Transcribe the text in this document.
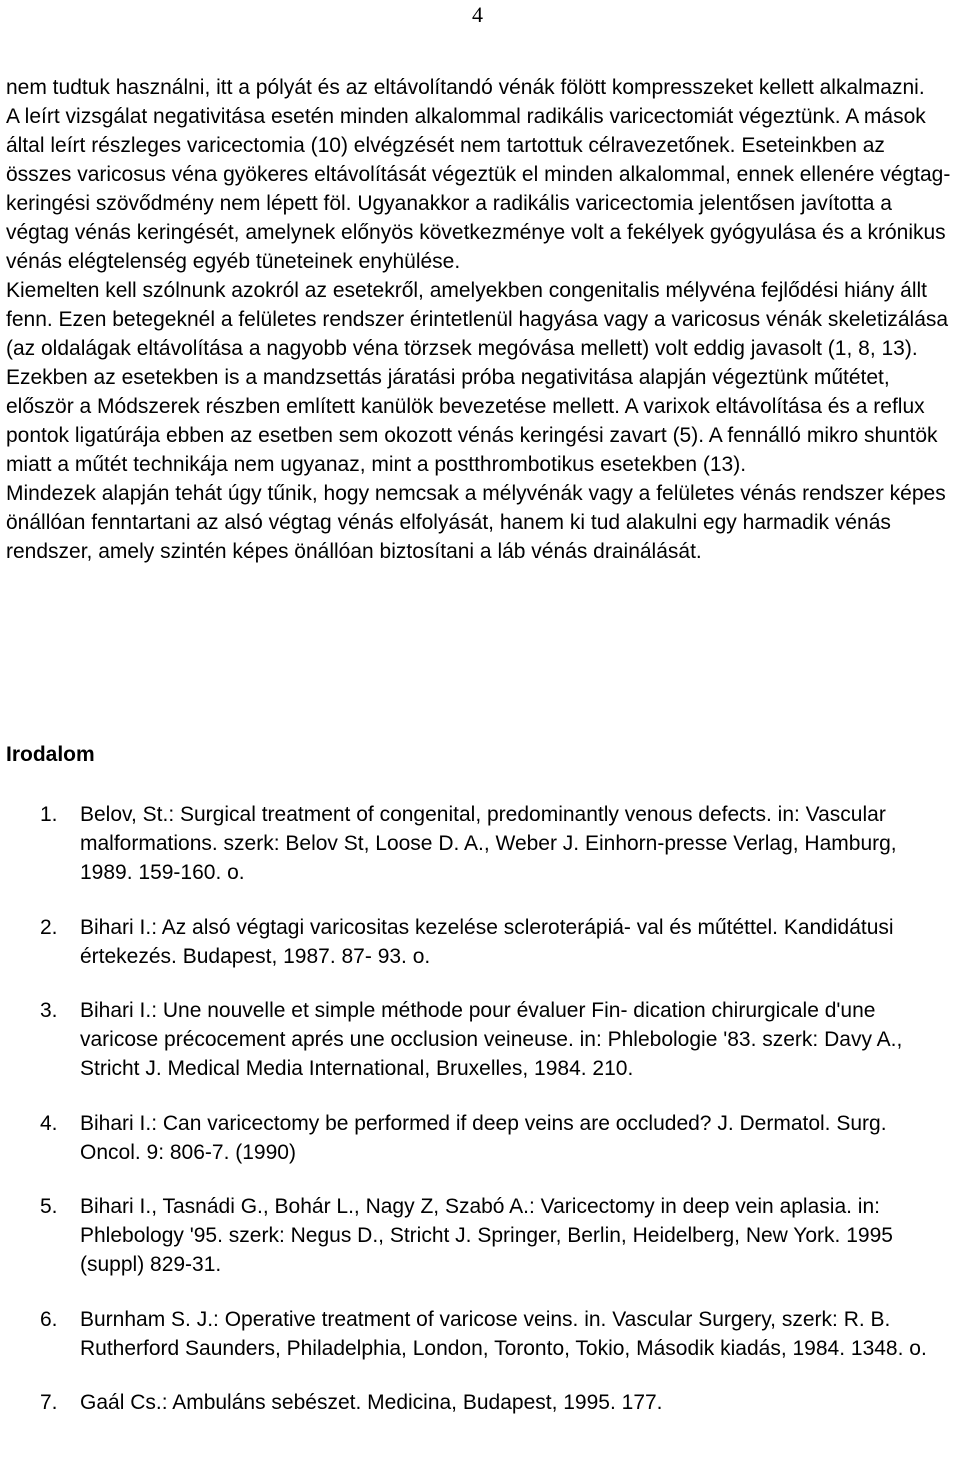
4

nem tudtuk használni, itt a pólyát és az eltávolítandó vénák fölött kompresszeket kellett alkalmazni.

A leírt vizsgálat negativitása esetén minden alkalommal radikális varicectomiát végeztünk. A mások által leírt részleges varicectomia (10) elvégzését nem tartottuk célravezetőnek. Eseteinkben az összes varicosus véna gyökeres eltávolítását végeztük el minden alkalommal, ennek ellenére végtag-keringési szövődmény nem lépett föl. Ugyanakkor a radikális varicectomia jelentősen javította a végtag vénás keringését, amelynek előnyös következménye volt a fekélyek gyógyulása és a krónikus vénás elégtelenség egyéb tüneteinek enyhülése.

Kiemelten kell szólnunk azokról az esetekről, amelyekben congenitalis mélyvéna fejlődési hiány állt fenn. Ezen betegeknél a felületes rendszer érintetlenül hagyása vagy a varicosus vénák skeletizálása (az oldalágak eltávolítása a nagyobb véna törzsek megóvása mellett) volt eddig javasolt (1, 8, 13). Ezekben az esetekben is a mandzsettás járatási próba negativitása alapján végeztünk műtétet, először a Módszerek részben említett kanülök bevezetése mellett. A varixok eltávolítása és a reflux pontok ligatúrája ebben az esetben sem okozott vénás keringési zavart (5). A fennálló mikro shuntök miatt a műtét technikája nem ugyanaz, mint a postthrombotikus esetekben (13).

Mindezek alapján tehát úgy tűnik, hogy nemcsak a mélyvénák vagy a felületes vénás rendszer képes önállóan fenntartani az alsó végtag vénás elfolyását, hanem ki tud alakulni egy harmadik vénás rendszer, amely szintén képes önállóan biztosítani a láb vénás drainálását.

Irodalom
1. Belov, St.: Surgical treatment of congenital, predominantly venous defects. in: Vascular malformations. szerk: Belov St, Loose D. A., Weber J. Einhorn-presse Verlag, Hamburg, 1989. 159-160. o.
2. Bihari I.: Az alsó végtagi varicositas kezelése scleroterápiá- val és műtéttel. Kandidátusi értekezés. Budapest, 1987. 87- 93. o.
3. Bihari I.: Une nouvelle et simple méthode pour évaluer Fin- dication chirurgicale d'une varicose précocement aprés une occlusion veineuse. in: Phlebologie '83. szerk: Davy A., Stricht J. Medical Media International, Bruxelles, 1984. 210.
4. Bihari I.: Can varicectomy be performed if deep veins are occluded? J. Dermatol. Surg. Oncol. 9: 806-7. (1990)
5. Bihari I., Tasnádi G., Bohár L., Nagy Z, Szabó A.: Varicectomy in deep vein aplasia. in: Phlebology '95. szerk: Negus D., Stricht J. Springer, Berlin, Heidelberg, New York. 1995 (suppl) 829-31.
6. Burnham S. J.: Operative treatment of varicose veins. in. Vascular Surgery, szerk: R. B. Rutherford Saunders, Philadelphia, London, Toronto, Tokio, Második kiadás, 1984. 1348. o.
7. Gaál Cs.: Ambuláns sebészet. Medicina, Budapest, 1995. 177.
